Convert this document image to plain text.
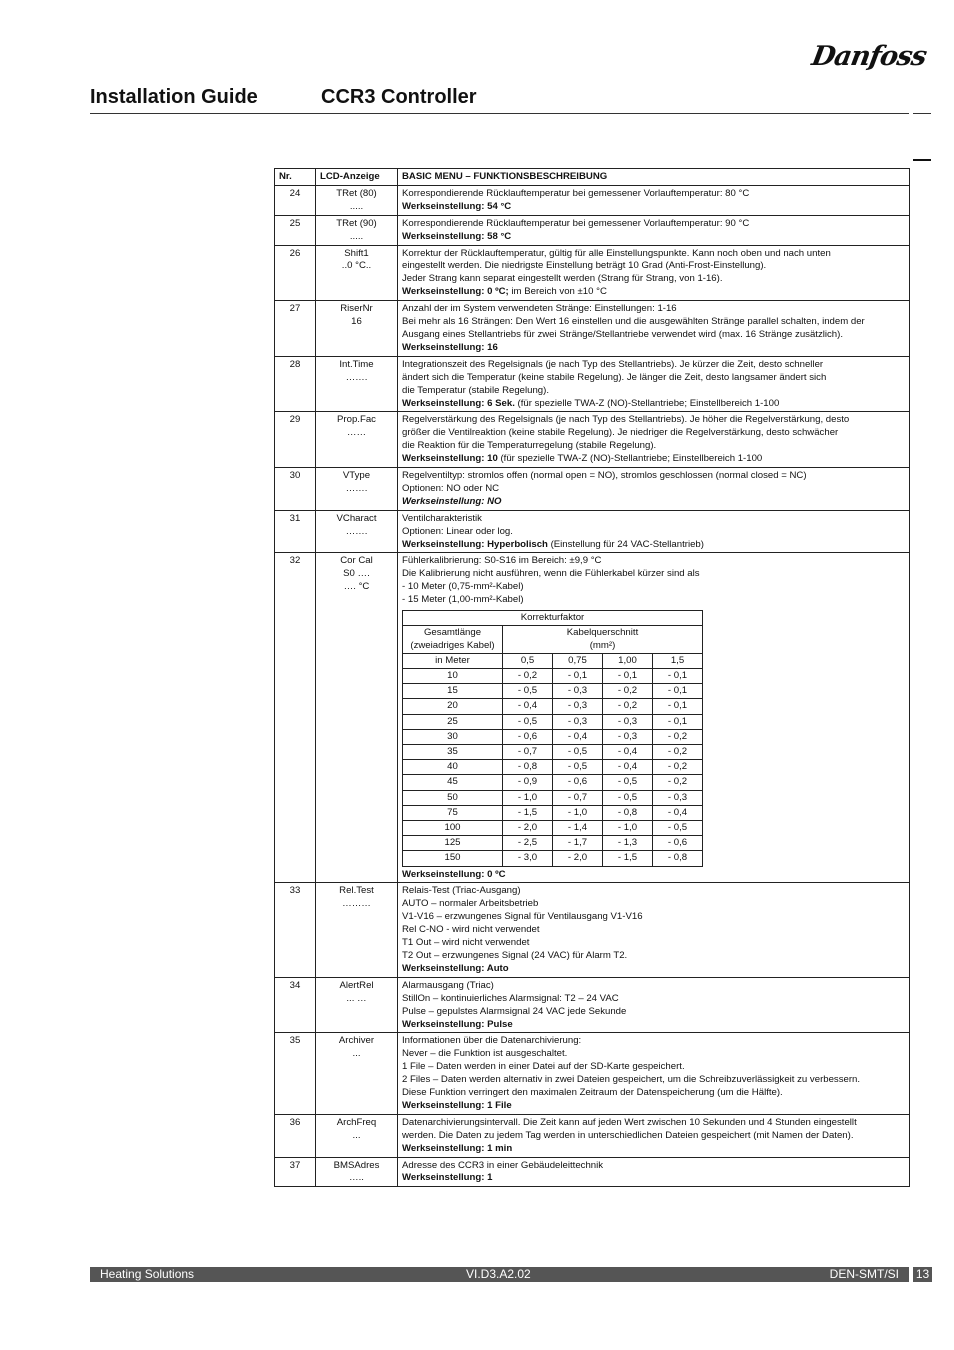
Danfoss
Installation Guide	CCR3 Controller
Nr.	LCD-Anzeige	BASIC MENU – FUNKTIONSBESCHREIBUNG
24	TRet (80)
.....

Korrespondierende Rücklauftemperatur bei gemessener Vorlauftemperatur: 80 °C
Werkseinstellung: 54 °C

25	TRet (90)
.....

Korrespondierende Rücklauftemperatur bei gemessener Vorlauftemperatur: 90 °C
Werkseinstellung: 58 °C

26	Shift1
..0 °C..

Korrektur der Rücklauftemperatur, gültig für alle Einstellungspunkte. Kann noch oben und nach unten
eingestellt werden. Die niedrigste Einstellung beträgt 10 Grad (Anti-Frost-Einstellung).
Jeder Strang kann separat eingestellt werden (Strang für Strang, von 1-16).
Werkseinstellung: 0 ºC; im Bereich von ±10 °C

27	RiserNr
16

Anzahl der im System verwendeten Stränge: Einstellungen: 1-16
Bei mehr als 16 Strängen: Den Wert 16 einstellen und die ausgewählten Stränge parallel schalten, indem der
Ausgang eines Stellantriebs für zwei Stränge/Stellantriebe verwendet wird (max. 16 Stränge zusätzlich).
Werkseinstellung: 16

28	Int.Time
…….

Integrationszeit des Regelsignals (je nach Typ des Stellantriebs). Je kürzer die Zeit, desto schneller
ändert sich die Temperatur (keine stabile Regelung). Je länger die Zeit, desto langsamer ändert sich
die Temperatur (stabile Regelung).
Werkseinstellung: 6 Sek. (für spezielle TWA-Z (NO)-Stellantriebe; Einstellbereich 1-100

29	Prop.Fac
……

Regelverstärkung des Regelsignals (je nach Typ des Stellantriebs). Je höher die Regelverstärkung, desto
größer die Ventilreaktion (keine stabile Regelung). Je niedriger die Regelverstärkung, desto schwächer
die Reaktion für die Temperaturregelung (stabile Regelung).
Werkseinstellung: 10 (für spezielle TWA-Z (NO)-Stellantriebe; Einstellbereich 1-100

30	VType
…….

Regelventiltyp: stromlos offen (normal open = NO), stromlos geschlossen (normal closed = NC)
Optionen: NO oder NC
Werkseinstellung: NO

31	VCharact
…….

Ventilcharakteristik
Optionen: Linear oder log.
Werkseinstellung: Hyperbolisch (Einstellung für 24 VAC-Stellantrieb)

32	Cor Cal
S0 ….
…. °C

Fühlerkalibrierung: S0-S16 im Bereich: ±9,9 °C
Die Kalibrierung nicht ausführen, wenn die Fühlerkabel kürzer sind als
- 10 Meter (0,75-mm²-Kabel)
- 15 Meter (1,00-mm²-Kabel)
Korrekturfaktor

Gesamtlänge
(zweiadriges Kabel)

Kabelquerschnitt
(mm²)

in Meter	0,5	0,75	1,00	1,5
10	- 0,2	- 0,1	- 0,1	- 0,1
15	- 0,5	- 0,3	- 0,2	- 0,1
20	- 0,4	- 0,3	- 0,2	- 0,1
25	- 0,5	- 0,3	- 0,3	- 0,1
30	- 0,6	- 0,4	- 0,3	- 0,2
35	- 0,7	- 0,5	- 0,4	- 0,2
40	- 0,8	- 0,5	- 0,4	- 0,2
45	- 0,9	- 0,6	- 0,5	- 0,2
50	- 1,0	- 0,7	- 0,5	- 0,3
75	- 1,5	- 1,0	- 0,8	- 0,4
100	- 2,0	- 1,4	- 1,0	- 0,5
125	- 2,5	- 1,7	- 1,3	- 0,6
150	- 3,0	- 2,0	- 1,5	- 0,8
Werkseinstellung: 0 ºC

33	Rel.Test
………

Relais-Test (Triac-Ausgang)
AUTO – normaler Arbeitsbetrieb
V1-V16 – erzwungenes Signal für Ventilausgang V1-V16
Rel C-NO - wird nicht verwendet
T1 Out – wird nicht verwendet
T2 Out – erzwungenes Signal (24 VAC) für Alarm T2.
Werkseinstellung: Auto

34	AlertRel
... …

Alarmausgang (Triac)
StillOn – kontinuierliches Alarmsignal: T2 – 24 VAC
Pulse – gepulstes Alarmsignal 24 VAC jede Sekunde
Werkseinstellung: Pulse

35	Archiver
...

Informationen über die Datenarchivierung:
Never – die Funktion ist ausgeschaltet.
1 File – Daten werden in einer Datei auf der SD-Karte gespeichert.
2 Files – Daten werden alternativ in zwei Dateien gespeichert, um die Schreibzuverlässigkeit zu verbessern.
Diese Funktion verringert den maximalen Zeitraum der Datenspeicherung (um die Hälfte).
Werkseinstellung: 1 File

36	ArchFreq
...

Datenarchivierungsintervall. Die Zeit kann auf jeden Wert zwischen 10 Sekunden und 4 Stunden eingestellt
werden. Die Daten zu jedem Tag werden in unterschiedlichen Dateien gespeichert (mit Namen der Daten).
Werkseinstellung: 1 min

37	BMSAdres
…..

Adresse des CCR3 in einer Gebäudeleittechnik
Werkseinstellung: 1
Heating Solutions	VI.D3.A2.02	DEN-SMT/SI 13
